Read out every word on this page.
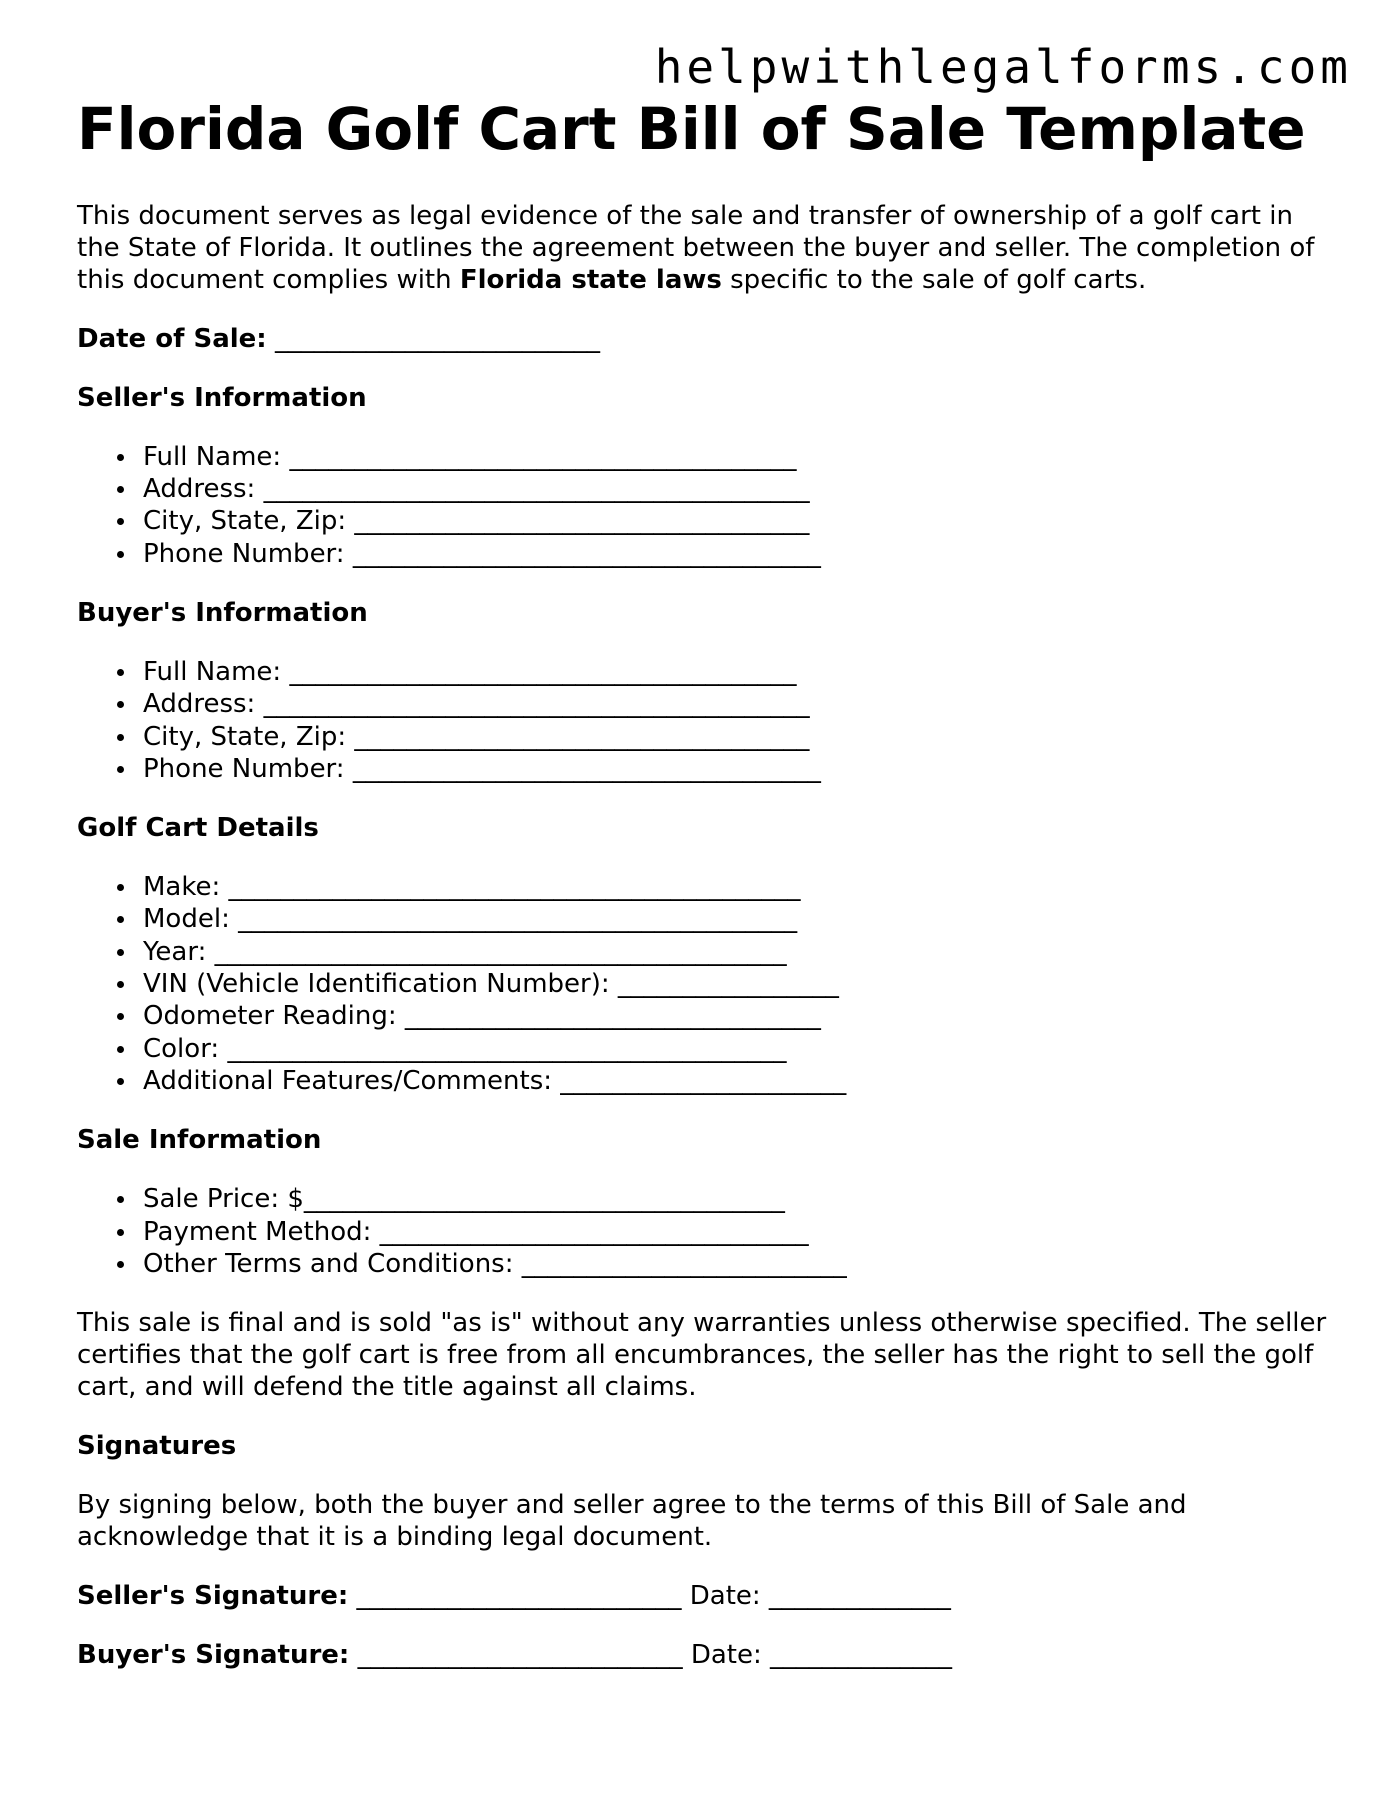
helpwithlegalforms.com
Florida Golf Cart Bill of Sale Template

This document serves as legal evidence of the sale and transfer of ownership of a golf cart in the State of Florida. It outlines the agreement between the buyer and seller. The completion of this document complies with Florida state laws specific to the sale of golf carts.

Date of Sale: _________________________
Seller's Information
Full Name: _______________________________________
Address: __________________________________________
City, State, Zip: ___________________________________
Phone Number: ____________________________________
Buyer's Information
Full Name: _______________________________________
Address: __________________________________________
City, State, Zip: ___________________________________
Phone Number: ____________________________________
Golf Cart Details
Make: ____________________________________________
Model: ___________________________________________
Year: ____________________________________________
VIN (Vehicle Identification Number): _________________
Odometer Reading: ________________________________
Color: ___________________________________________
Additional Features/Comments: ______________________
Sale Information
Sale Price: $_____________________________________
Payment Method: _________________________________
Other Terms and Conditions: _________________________

This sale is final and is sold "as is" without any warranties unless otherwise specified. The seller certifies that the golf cart is free from all encumbrances, the seller has the right to sell the golf cart, and will defend the title against all claims.

Signatures

By signing below, both the buyer and seller agree to the terms of this Bill of Sale and acknowledge that it is a binding legal document.

Seller's Signature: _________________________ Date: ______________
Buyer's Signature: _________________________ Date: ______________
